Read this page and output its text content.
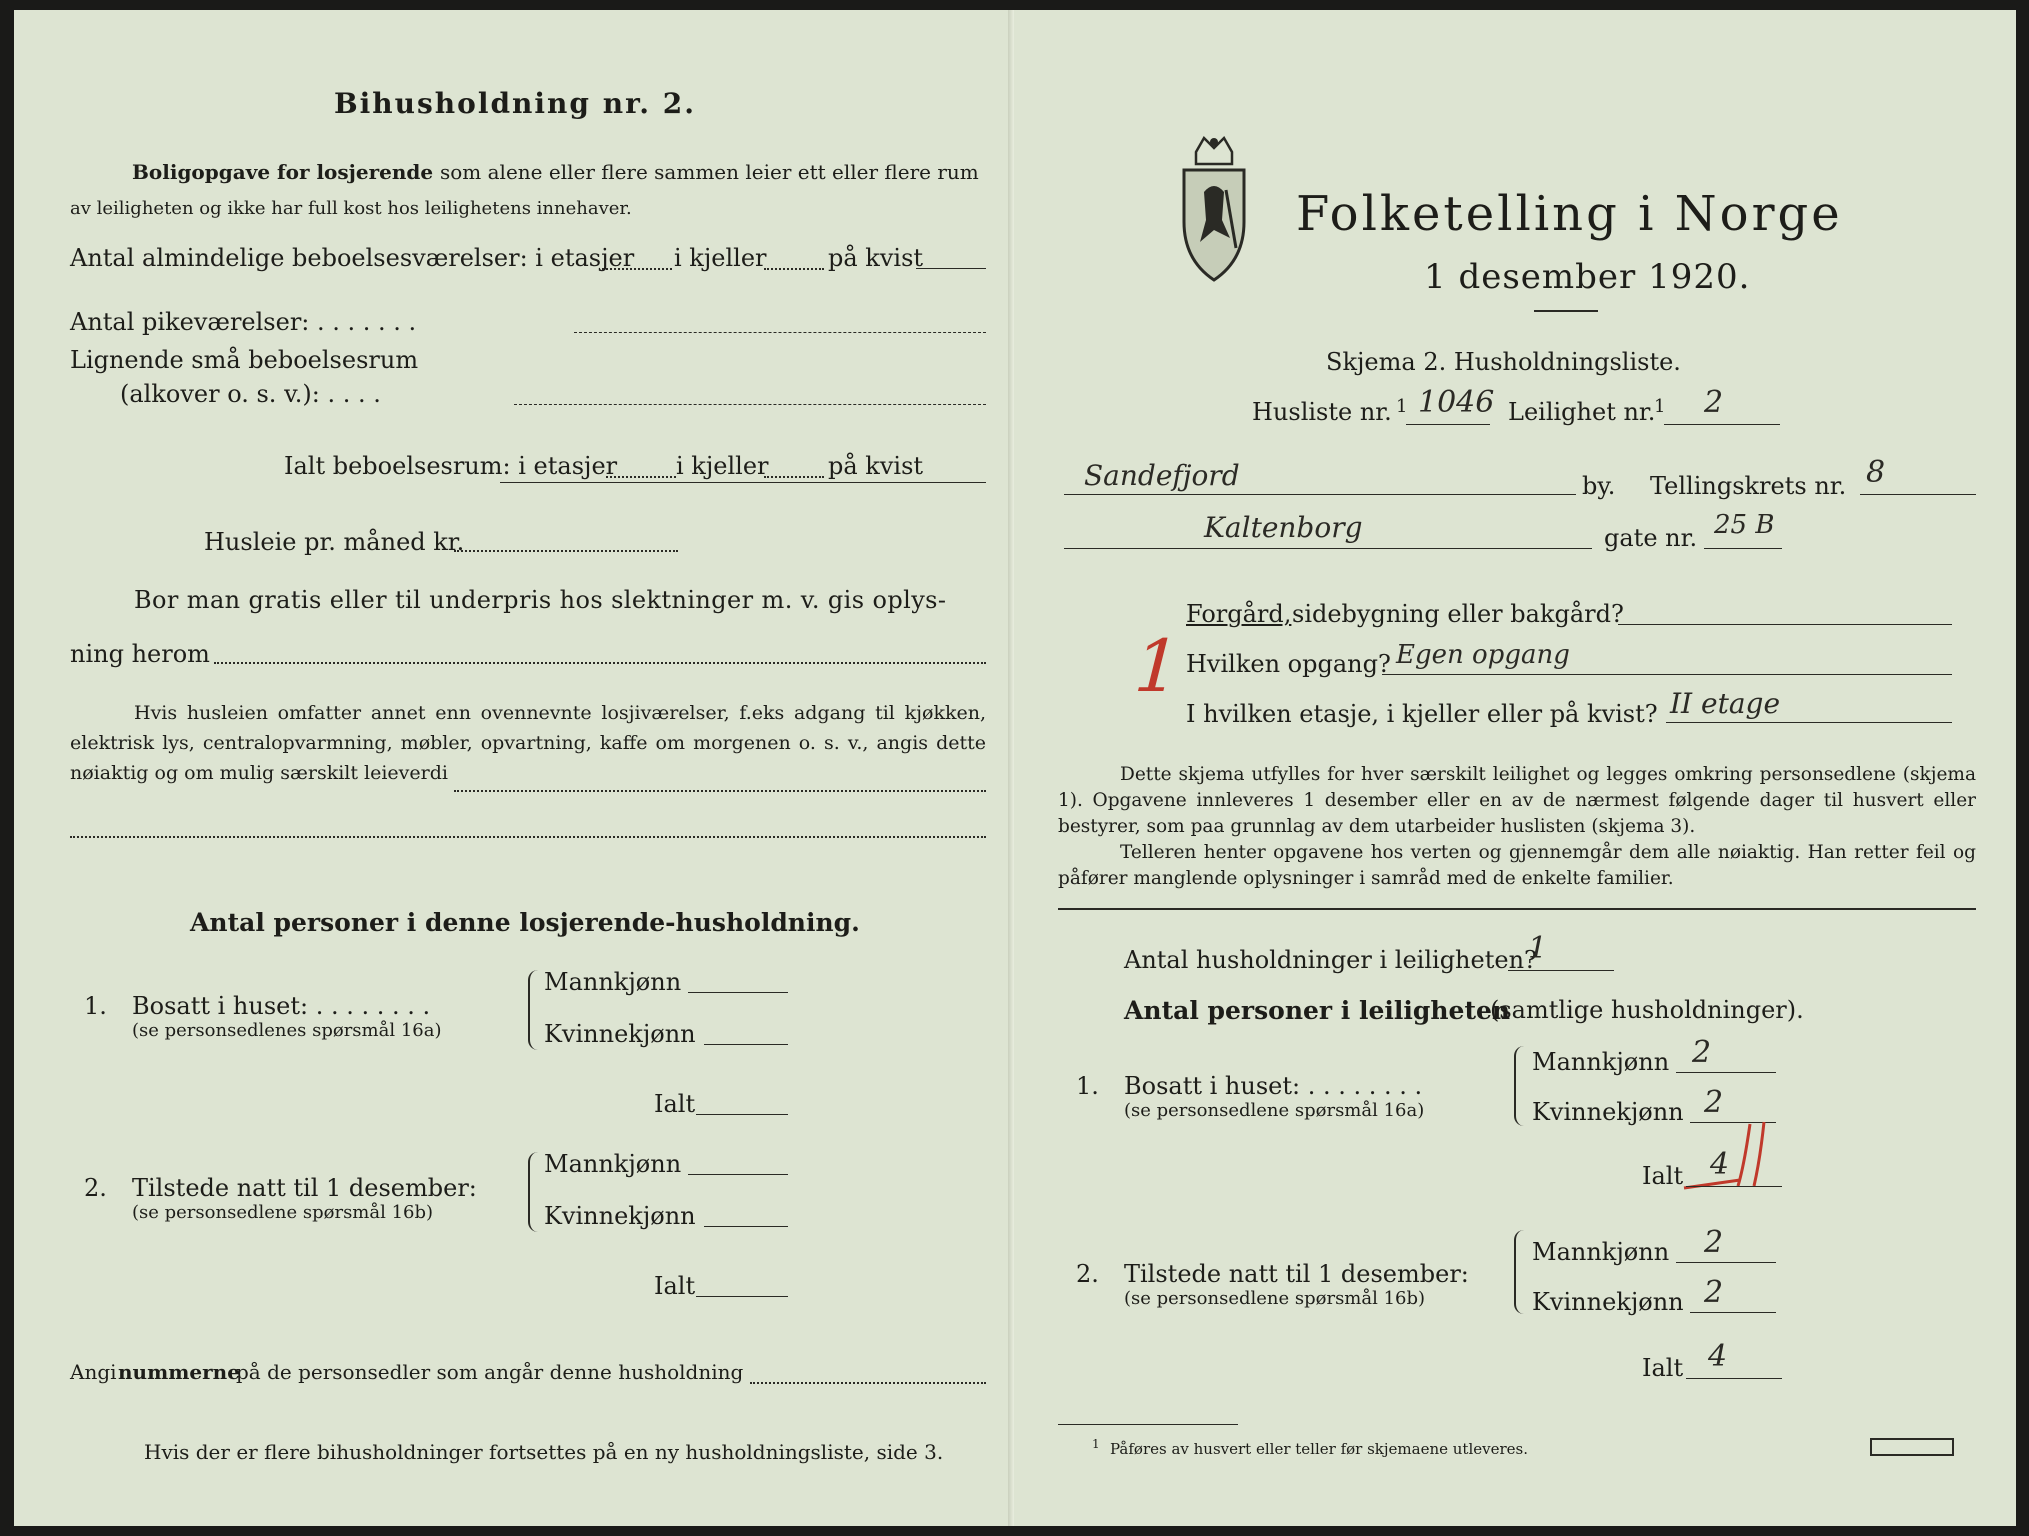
Bihusholdning nr. 2.
Boligopgave for losjerende som alene eller flere sammen leier ett eller flere rum
av leiligheten og ikke har full kost hos leilighetens innehaver.
Antal almindelige beboelsesværelser: i etasjer i kjeller	på kvist
Antal pikeværelser: . . . . . . .
Lignende små beboelsesrum
(alkover o. s. v.): . . . .
Ialt beboelsesrum: i etasjer i kjeller på kvist
Husleie pr. måned kr.
Bor man gratis eller til underpris hos slektninger m. v. gis oplys-
ning herom
Hvis husleien omfatter annet enn ovennevnte losjiværelser, f.eks adgang til kjøkken, elektrisk lys, centralopvarmning, møbler, opvartning, kaffe om morgenen o. s. v., angis dette nøiaktig og om mulig særskilt leieverdi
Antal personer i denne losjerende-husholdning.
1. Bosatt i huset: . . . . . . . .
(se personsedlenes spørsmål 16a)
Mannkjønn
Kvinnekjønn
Ialt
2. Tilstede natt til 1 desember:
(se personsedlene spørsmål 16b)
Mannkjønn
Kvinnekjønn
Ialt
Angi nummerne
på de personsedler som angår denne husholdning
Hvis der er flere bihusholdninger fortsettes på en ny husholdningsliste, side 3.
Folketelling i Norge
1 desember 1920.
Skjema 2. Husholdningsliste.
Husliste nr. 1 1046 Leilighet nr.
1 2
Sandefjord	by. Tellingskrets nr. 8
Kaltenborg	gate nr. 25 B
Forgård, sidebygning eller bakgård?
1
Hvilken opgang? Egen opgang
I hvilken etasje, i kjeller eller på kvist? II etage
Dette skjema utfylles for hver særskilt leilighet og legges omkring personsedlene (skjema 1). Opgavene innleveres 1 desember eller en av de nærmest følgende dager til husvert eller bestyrer, som paa grunnlag av dem utarbeider huslisten (skjema 3).
Telleren henter opgavene hos verten og gjennemgår dem alle nøiaktig. Han retter feil og påfører manglende oplysninger i samråd med de enkelte familier.
Antal husholdninger i leiligheten?
1
Antal personer i leiligheten
(samtlige husholdninger).
1. Bosatt i huset: . . . . . . . .
(se personsedlene spørsmål 16a)
Mannkjønn 2
Kvinnekjønn 2
Ialt 4
2. Tilstede natt til 1 desember:
(se personsedlene spørsmål 16b)
Mannkjønn 2
Kvinnekjønn 2
Ialt 4
1 Påføres av husvert eller teller før skjemaene utleveres.
